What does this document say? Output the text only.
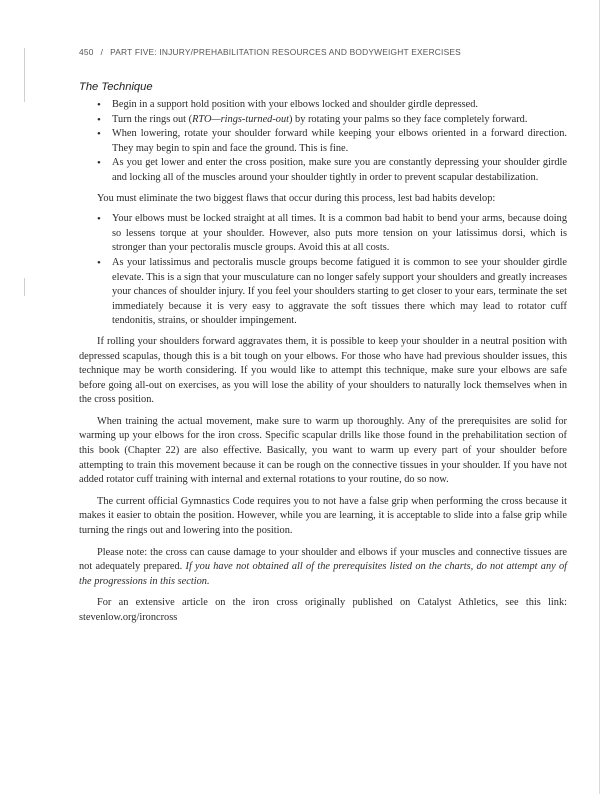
450 / PART FIVE: INJURY/PREHABILITATION RESOURCES AND BODYWEIGHT EXERCISES
The Technique
• Begin in a support hold position with your elbows locked and shoulder girdle depressed.
• Turn the rings out (RTO—rings-turned-out) by rotating your palms so they face completely forward.
• When lowering, rotate your shoulder forward while keeping your elbows oriented in a forward direction. They may begin to spin and face the ground. This is fine.
• As you get lower and enter the cross position, make sure you are constantly depressing your shoulder girdle and locking all of the muscles around your shoulder tightly in order to prevent scapular destabilization.

You must eliminate the two biggest flaws that occur during this process, lest bad habits develop:

• Your elbows must be locked straight at all times. It is a common bad habit to bend your arms, because doing so lessens torque at your shoulder. However, also puts more tension on your latissimus dorsi, which is stronger than your pectoralis muscle groups. Avoid this at all costs.
• As your latissimus and pectoralis muscle groups become fatigued it is common to see your shoulder girdle elevate. This is a sign that your musculature can no longer safely support your shoulders and greatly increases your chances of shoulder injury. If you feel your shoulders starting to get closer to your ears, terminate the set immediately because it is very easy to aggravate the soft tissues there which may lead to rotator cuff tendonitis, strains, or shoulder impingement.

If rolling your shoulders forward aggravates them, it is possible to keep your shoulder in a neutral position with depressed scapulas, though this is a bit tough on your elbows. For those who have had previous shoulder issues, this technique may be worth considering. If you would like to attempt this technique, make sure your elbows are safe before going all-out on exercises, as you will lose the ability of your shoulders to naturally lock themselves when in the cross position.

When training the actual movement, make sure to warm up thoroughly. Any of the prerequisites are solid for warming up your elbows for the iron cross. Specific scapular drills like those found in the prehabilitation section of this book (Chapter 22) are also effective. Basically, you want to warm up every part of your shoulder before attempting to train this movement because it can be rough on the connective tissues in your shoulder. If you have not added rotator cuff training with internal and external rotations to your routine, do so now.

The current official Gymnastics Code requires you to not have a false grip when performing the cross because it makes it easier to obtain the position. However, while you are learning, it is acceptable to slide into a false grip while turning the rings out and lowering into the position.

Please note: the cross can cause damage to your shoulder and elbows if your muscles and connective tissues are not adequately prepared. If you have not obtained all of the prerequisites listed on the charts, do not attempt any of the progressions in this section.

For an extensive article on the iron cross originally published on Catalyst Athletics, see this link: stevenlow.org/ironcross
